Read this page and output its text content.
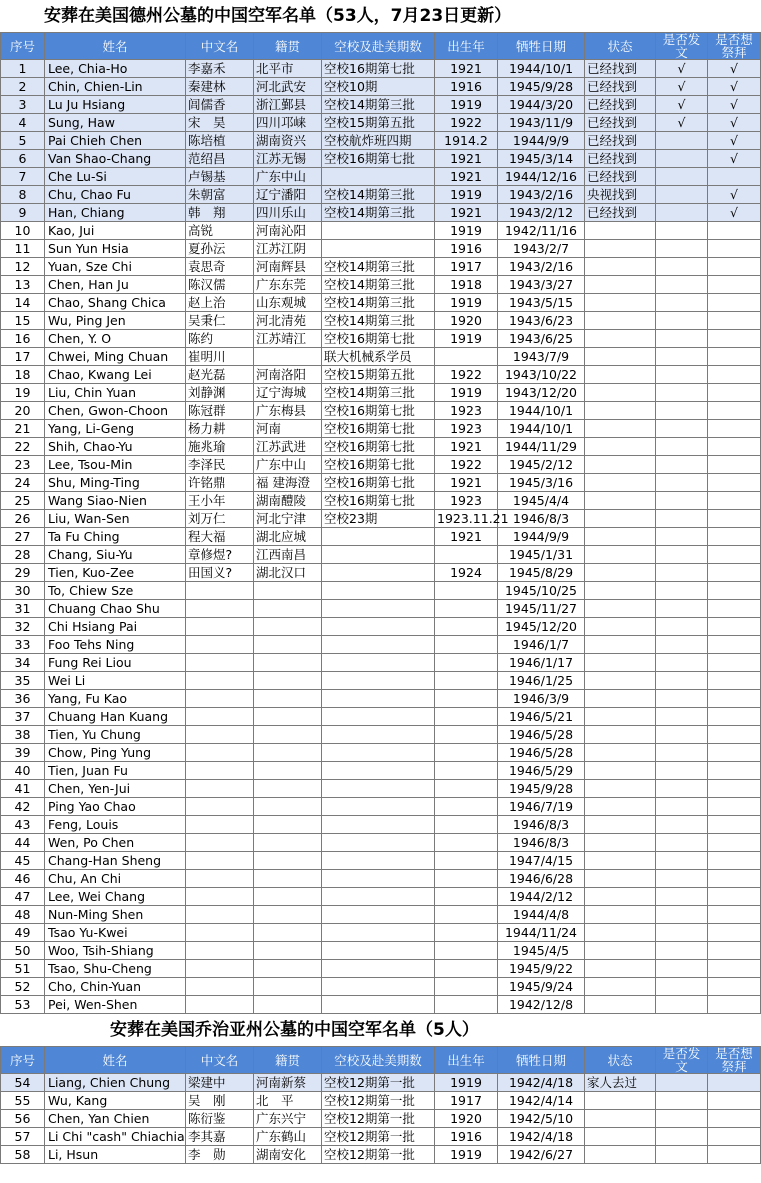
安葬在美国德州公墓的中国空军名单（53人，7月23日更新）
序号	姓名	中文名	籍贯	空校及赴美期数	出生年	牺牲日期	状态	是否发文	是否想祭拜
1	Lee, Chia-Ho	李嘉禾	北平市	空校16期第七批	1921	1944/10/1	已经找到	√	√
2	Chin, Chien-Lin	秦建林	河北武安	空校10期	1916	1945/9/28	已经找到	√	√
3	Lu Ju Hsiang	闾儒香	浙江鄞县	空校14期第三批	1919	1944/3/20	已经找到	√	√
4	Sung, Haw	宋　昊	四川邛崃	空校15期第五批	1922	1943/11/9	已经找到	√	√
5	Pai Chieh Chen	陈培植	湖南资兴	空校航炸班四期	1914.2	1944/9/9	已经找到		√
6	Van Shao-Chang	范绍昌	江苏无锡	空校16期第七批	1921	1945/3/14	已经找到		√
7	Che Lu-Si	卢锡基	广东中山		1921	1944/12/16	已经找到		
8	Chu, Chao Fu	朱朝富	辽宁潘阳	空校14期第三批	1919	1943/2/16	央视找到		√
9	Han, Chiang	韩　翔	四川乐山	空校14期第三批	1921	1943/2/12	已经找到		√
10	Kao, Jui	高锐	河南沁阳		1919	1942/11/16			
11	Sun Yun Hsia	夏孙沄	江苏江阴		1916	1943/2/7			
12	Yuan, Sze Chi	袁思奇	河南辉县	空校14期第三批	1917	1943/2/16			
13	Chen, Han Ju	陈汉儒	广东东莞	空校14期第三批	1918	1943/3/27			
14	Chao, Shang Chica	赵上治	山东观城	空校14期第三批	1919	1943/5/15			
15	Wu, Ping Jen	吴秉仁	河北清苑	空校14期第三批	1920	1943/6/23			
16	Chen, Y. O	陈约	江苏靖江	空校16期第七批	1919	1943/6/25			
17	Chwei, Ming Chuan	崔明川		联大机械系学员		1943/7/9			
18	Chao, Kwang Lei	赵光磊	河南洛阳	空校15期第五批	1922	1943/10/22			
19	Liu, Chin Yuan	刘静渊	辽宁海城	空校14期第三批	1919	1943/12/20			
20	Chen, Gwon-Choon	陈冠群	广东梅县	空校16期第七批	1923	1944/10/1			
21	Yang, Li-Geng	杨力耕	河南	空校16期第七批	1923	1944/10/1			
22	Shih, Chao-Yu	施兆瑜	江苏武进	空校16期第七批	1921	1944/11/29			
23	Lee, Tsou-Min	李泽民	广东中山	空校16期第七批	1922	1945/2/12			
24	Shu, Ming-Ting	许铭鼎	福 建海澄	空校16期第七批	1921	1945/3/16			
25	Wang Siao-Nien	王小年	湖南醴陵	空校16期第七批	1923	1945/4/4			
26	Liu, Wan-Sen	刘万仁	河北宁津	空校23期	1923.11.21	1946/8/3			
27	Ta Fu Ching	程大福	湖北应城		1921	1944/9/9			
28	Chang, Siu-Yu	章修煜?	江西南昌			1945/1/31			
29	Tien, Kuo-Zee	田国义?	湖北汉口		1924	1945/8/29			
30	To, Chiew Sze					1945/10/25			
31	Chuang Chao Shu					1945/11/27			
32	Chi Hsiang Pai					1945/12/20			
33	Foo Tehs Ning					1946/1/7			
34	Fung Rei Liou					1946/1/17			
35	Wei Li					1946/1/25			
36	Yang, Fu Kao					1946/3/9			
37	Chuang Han Kuang					1946/5/21			
38	Tien, Yu Chung					1946/5/28			
39	Chow, Ping Yung					1946/5/28			
40	Tien, Juan Fu					1946/5/29			
41	Chen, Yen-Jui					1945/9/28			
42	Ping Yao Chao					1946/7/19			
43	Feng, Louis					1946/8/3			
44	Wen, Po Chen					1946/8/3			
45	Chang-Han Sheng					1947/4/15			
46	Chu, An Chi					1946/6/28			
47	Lee, Wei Chang					1944/2/12			
48	Nun-Ming Shen					1944/4/8			
49	Tsao Yu-Kwei					1944/11/24			
50	Woo, Tsih-Shiang					1945/4/5			
51	Tsao, Shu-Cheng					1945/9/22			
52	Cho, Chin-Yuan					1945/9/24			
53	Pei, Wen-Shen					1942/12/8			
安葬在美国乔治亚州公墓的中国空军名单（5人）
序号	姓名	中文名	籍贯	空校及赴美期数	出生年	牺牲日期	状态	是否发文	是否想祭拜
54	Liang, Chien Chung	梁建中	河南新蔡	空校12期第一批	1919	1942/4/18	家人去过		
55	Wu, Kang	吴　刚	北　平	空校12期第一批	1917	1942/4/14			
56	Chen, Yan Chien	陈衍鉴	广东兴宁	空校12期第一批	1920	1942/5/10			
57	Li Chi "cash" Chiachia	李其嘉	广东鹤山	空校12期第一批	1916	1942/4/18			
58	Li, Hsun	李　勋	湖南安化	空校12期第一批	1919	1942/6/27			
